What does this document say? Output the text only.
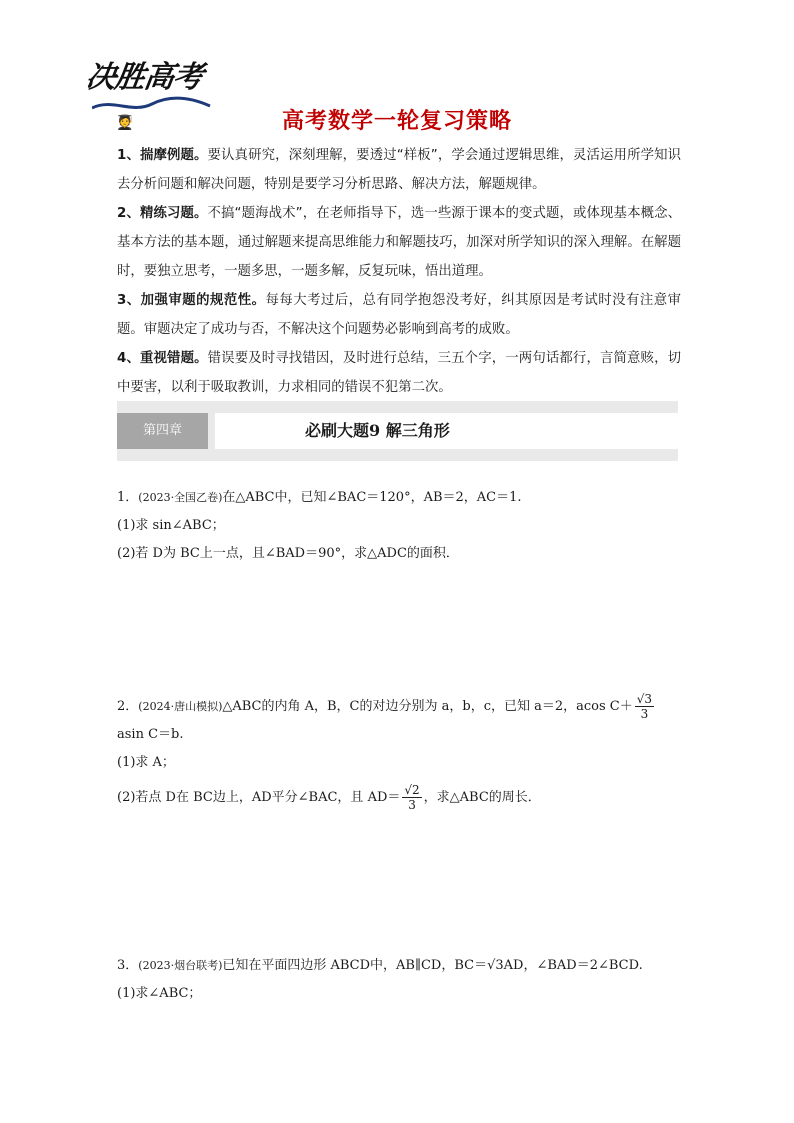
决胜高考
🧑‍🎓	高考数学一轮复习策略

1、揣摩例题。要认真研究，深刻理解，要透过“样板”，学会通过逻辑思维，灵活运用所学知识去分析问题和解决问题，特别是要学习分析思路、解决方法，解题规律。

2、精练习题。不搞“题海战术”，在老师指导下，选一些源于课本的变式题，或体现基本概念、基本方法的基本题，通过解题来提高思维能力和解题技巧，加深对所学知识的深入理解。在解题时，要独立思考，一题多思，一题多解，反复玩味，悟出道理。

3、加强审题的规范性。每每大考过后，总有同学抱怨没考好，纠其原因是考试时没有注意审题。审题决定了成功与否，不解决这个问题势必影响到高考的成败。

4、重视错题。错误要及时寻找错因，及时进行总结，三五个字，一两句话都行，言简意赅，切中要害，以利于吸取教训，力求相同的错误不犯第二次。

第四章	必刷大题9 解三角形

1．(2023·全国乙卷)在△ABC中，已知∠BAC＝120°，AB＝2，AC＝1.

(1)求 sin∠ABC；

(2)若 D为 BC上一点，且∠BAD＝90°，求△ADC的面积．

2．(2024·唐山模拟)△ABC的内角 A，B，C的对边分别为 a，b，c，已知 a＝2，acos $C+ \frac{√3}{3}$

asin C＝b.

(1)求 A；

(2)若点 D在 BC边上，AD平分∠BAC，且 $AD= \frac{√2}{3}$ ，求△ABC的周长．

3．(2023·烟台联考)已知在平面四边形 ABCD中，AB∥CD，BC＝√3AD，∠BAD＝2∠BCD.

(1)求∠ABC；
